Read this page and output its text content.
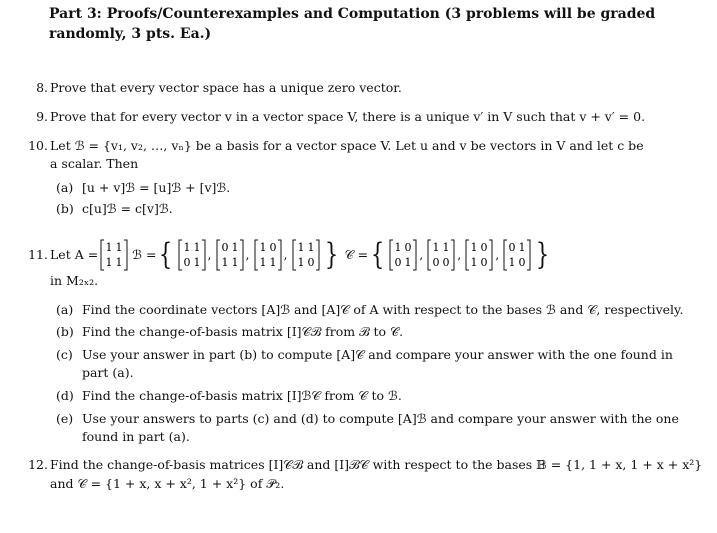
Part 3: Proofs/Counterexamples and Computation (3 problems will be graded randomly, 3 pts. Ea.)
8. Prove that every vector space has a unique zero vector.
9. Prove that for every vector v in a vector space V, there is a unique v′ in V such that v + v′ = 0.
10. Let ℬ = {v₁, v₂, …, vₙ} be a basis for a vector space V. Let u and v be vectors in V and let c be
a scalar. Then
(a) [u + v]ℬ = [u]ℬ + [v]ℬ.
(b) c[u]ℬ = c[v]ℬ.
11. Let A = 1 1
1 1
ℬ = { 1 1
0 1
, 0 1
1 1
, 1 0
1 1
, 1 1
1 0 } 𝒞 = { 1 0
0 1
, 1 1
0 0
, 1 0
1 0
, 0 1
1 0 }
in M₂ₓ₂.
(a) Find the coordinate vectors [A]ℬ and [A]𝒞 of A with respect to the bases ℬ and 𝒞, respectively.
(b) Find the change-of-basis matrix [I]𝒞ℬ from ℬ to 𝒞.
(c) Use your answer in part (b) to compute [A]𝒞 and compare your answer with the one found in
part (a).
(d) Find the change-of-basis matrix [I]ℬ𝒞 from 𝒞 to ℬ.
(e) Use your answers to parts (c) and (d) to compute [A]ℬ and compare your answer with the one
found in part (a).
12. Find the change-of-basis matrices [I]𝒞ℬ and [I]ℬ𝒞 with respect to the bases 𝔹 = {1, 1 + x, 1 + x + x²}
and 𝒞 = {1 + x, x + x², 1 + x²} of 𝒫₂.
